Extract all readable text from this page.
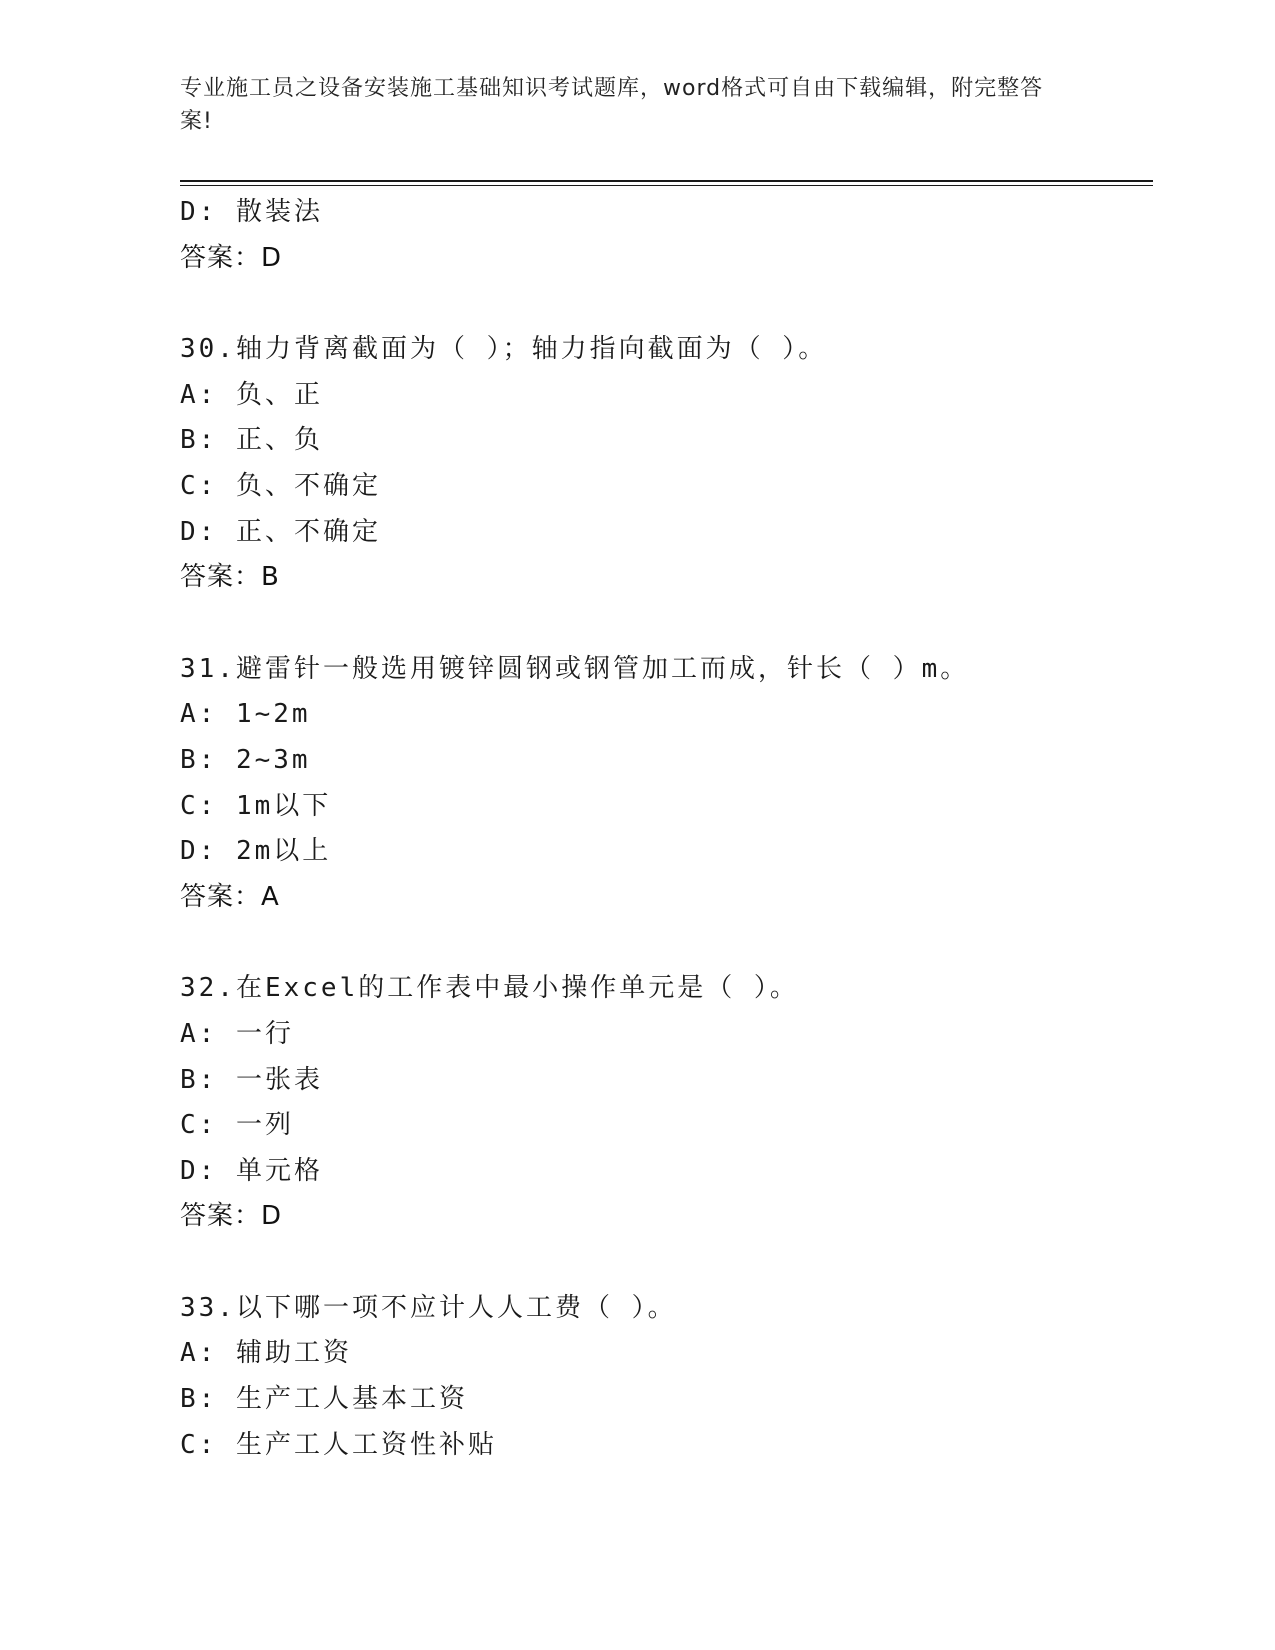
专业施工员之设备安装施工基础知识考试题库，word格式可自由下载编辑，附完整答案!
D: 散装法
答案：D
30.轴力背离截面为（ ）；轴力指向截面为（ ）。
A: 负、正
B: 正、负
C: 负、不确定
D: 正、不确定
答案：B
31.避雷针一般选用镀锌圆钢或钢管加工而成，针长（ ）m。
A: 1~2m
B: 2~3m
C: 1m以下
D: 2m以上
答案：A
32.在Excel的工作表中最小操作单元是（ ）。
A: 一行
B: 一张表
C: 一列
D: 单元格
答案：D
33.以下哪一项不应计人人工费（ ）。
A: 辅助工资
B: 生产工人基本工资
C: 生产工人工资性补贴
